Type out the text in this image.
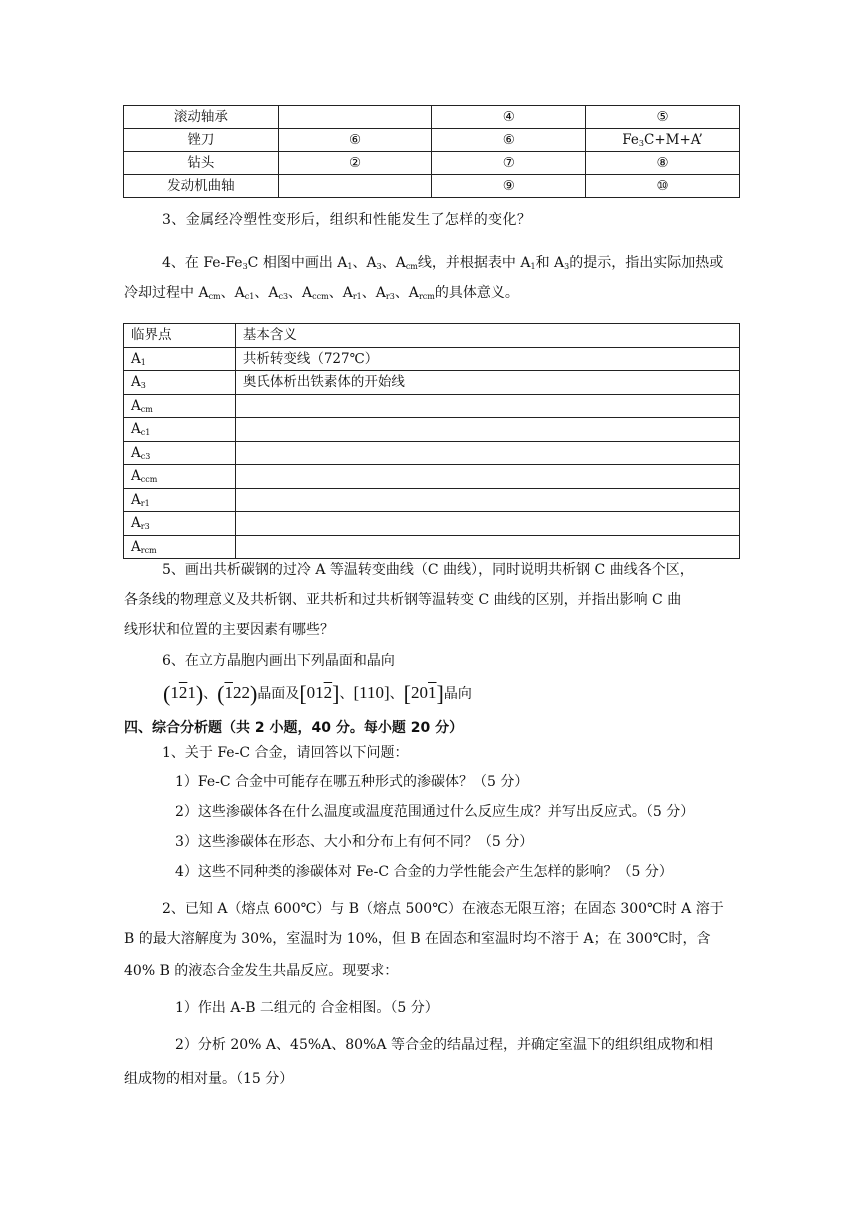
滚动轴承		④	⑤
锉刀	⑥	⑥	$Fe_3C+M+A$’
钻头	②	⑦	⑧
发动机曲轴		⑨	⑩
3、金属经冷塑性变形后，组织和性能发生了怎样的变化？
4、在 $Fe-Fe_3C$ 相图中画出 $A_1$、$A_3$、$A_{cm}$线，并根据表中 $A_1$和 $A_3$的提示，指出实际加热或
冷却过程中 $A_{cm}$、$A_{c1}$、$A_{c3}$、$A_{ccm}$、$A_{r1}$、$A_{r3}$、$A_{rcm}$的具体意义。
临界点	基本含义
$A_1$	共析转变线（727℃）
$A_3$	奥氏体析出铁素体的开始线
$A_{cm}$	
$A_{c1}$	
$A_{c3}$	
$A_{ccm}$	
$A_{r1}$	
$A_{r3}$	
$A_{rcm}$	
5、画出共析碳钢的过冷 A 等温转变曲线（C 曲线），同时说明共析钢 C 曲线各个区，
各条线的物理意义及共析钢、亚共析和过共析钢等温转变 C 曲线的区别，并指出影响 C 曲
线形状和位置的主要因素有哪些？
6、在立方晶胞内画出下列晶面和晶向
(121)、(122)晶面及[012]、[110]、[201]晶向
四、综合分析题（共 2 小题，40 分。每小题 20 分）
1、关于 Fe-C 合金，请回答以下问题：
1）Fe-C 合金中可能存在哪五种形式的渗碳体？（5 分）
2）这些渗碳体各在什么温度或温度范围通过什么反应生成？并写出反应式。（5 分）
3）这些渗碳体在形态、大小和分布上有何不同？（5 分）
4）这些不同种类的渗碳体对 Fe-C 合金的力学性能会产生怎样的影响？（5 分）
2、已知 A（熔点 600℃）与 B（熔点 500℃）在液态无限互溶；在固态 300℃时 A 溶于
B 的最大溶解度为 30%，室温时为 10%，但 B 在固态和室温时均不溶于 A；在 300℃时，含
40% B 的液态合金发生共晶反应。现要求：
1）作出 A-B 二组元的 合金相图。（5 分）
2）分析 20% A、45%A、80%A 等合金的结晶过程，并确定室温下的组织组成物和相
组成物的相对量。（15 分）
